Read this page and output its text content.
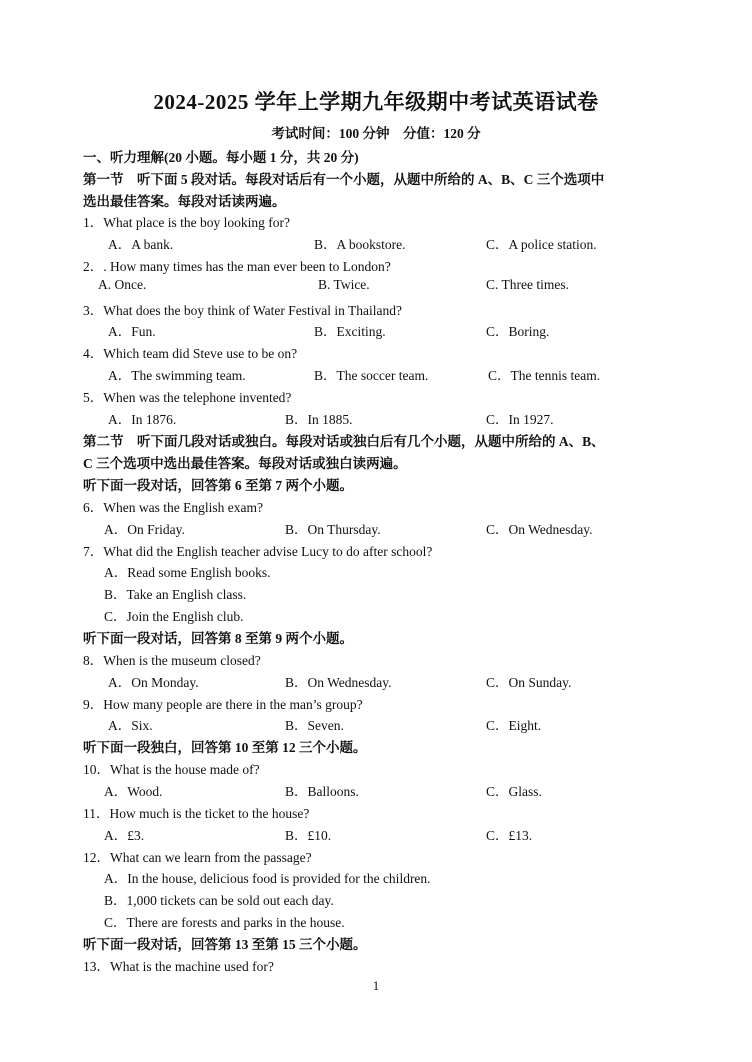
2024-2025 学年上学期九年级期中考试英语试卷
考试时间：100 分钟　分值：120 分
一、听力理解(20 小题。每小题 1 分，共 20 分)
第一节　听下面 5 段对话。每段对话后有一个小题，从题中所给的 A、B、C 三个选项中
选出最佳答案。每段对话读两遍。
1．What place is the boy looking for?
A．A bank.	B．A bookstore.	C．A police station.
2．. How many times has the man ever been to London?
A. Once.	B. Twice.	C. Three times.
3．What does the boy think of Water Festival in Thailand?
A．Fun.	B．Exciting.	C．Boring.
4．Which team did Steve use to be on?
A．The swimming team.	B．The soccer team.	C．The tennis team.
5．When was the telephone invented?
A．In 1876.	B．In 1885.	C．In 1927.
第二节　听下面几段对话或独白。每段对话或独白后有几个小题，从题中所给的 A、B、
C 三个选项中选出最佳答案。每段对话或独白读两遍。
听下面一段对话，回答第 6 至第 7 两个小题。
6．When was the English exam?
A．On Friday.	B．On Thursday.	C．On Wednesday.
7．What did the English teacher advise Lucy to do after school?
A．Read some English books.
B．Take an English class.
C．Join the English club.
听下面一段对话，回答第 8 至第 9 两个小题。
8．When is the museum closed?
A．On Monday.	B．On Wednesday.	C．On Sunday.
9．How many people are there in the man’s group?
A．Six.	B．Seven.	C．Eight.
听下面一段独白，回答第 10 至第 12 三个小题。
10．What is the house made of?
A．Wood.	B．Balloons.	C．Glass.
11．How much is the ticket to the house?
A．£3.	B．£10.	C．£13.
12．What can we learn from the passage?
A．In the house, delicious food is provided for the children.
B．1,000 tickets can be sold out each day.
C．There are forests and parks in the house.
听下面一段对话，回答第 13 至第 15 三个小题。
13．What is the machine used for?
1
